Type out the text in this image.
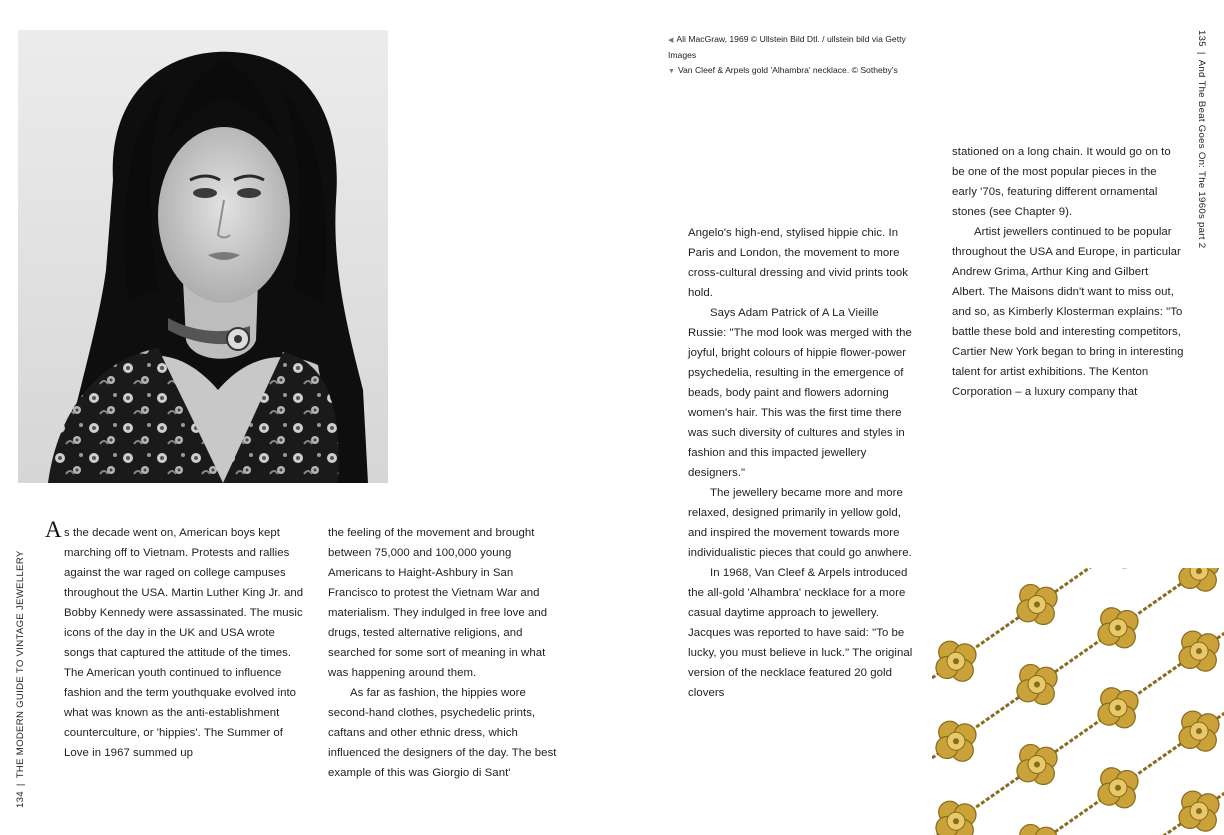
A s the decade went on, American boys kept marching off to Vietnam. Protests and rallies against the war raged on college campuses throughout the USA. Martin Luther King Jr. and Bobby Kennedy were assassinated. The music icons of the day in the UK and USA wrote songs that captured the attitude of the times. The American youth continued to influence fashion and the term youthquake evolved into what was known as the anti-establishment counterculture, or 'hippies'. The Summer of Love in 1967 summed up

the feeling of the movement and brought between 75,000 and 100,000 young Americans to Haight-Ashbury in San Francisco to protest the Vietnam War and materialism. They indulged in free love and drugs, tested alternative religions, and searched for some sort of meaning in what was happening around them.

As far as fashion, the hippies wore second-hand clothes, psychedelic prints, caftans and other ethnic dress, which influenced the designers of the day. The best example of this was Giorgio di Sant'

134|THE MODERN GUIDE TO VINTAGE JEWELLERY
◀ Ali MacGraw, 1969 © Ullstein Bild Dtl. / ullstein bild via Getty Images
▼ Van Cleef & Arpels gold 'Alhambra' necklace. © Sotheby's

Angelo's high-end, stylised hippie chic. In Paris and London, the movement to more cross-cultural dressing and vivid prints took hold.

Says Adam Patrick of A La Vieille Russie: "The mod look was merged with the joyful, bright colours of hippie flower-power psychedelia, resulting in the emergence of beads, body paint and flowers adorning women's hair. This was the first time there was such diversity of cultures and styles in fashion and this impacted jewellery designers."

The jewellery became more and more relaxed, designed primarily in yellow gold, and inspired the movement towards more individualistic pieces that could go anwhere.

In 1968, Van Cleef & Arpels introduced the all-gold 'Alhambra' necklace for a more casual daytime approach to jewellery. Jacques was reported to have said: "To be lucky, you must believe in luck." The original version of the necklace featured 20 gold clovers

stationed on a long chain. It would go on to be one of the most popular pieces in the early '70s, featuring different ornamental stones (see Chapter 9).

Artist jewellers continued to be popular throughout the USA and Europe, in particular Andrew Grima, Arthur King and Gilbert Albert. The Maisons didn't want to miss out, and so, as Kimberly Klosterman explains: "To battle these bold and interesting competitors, Cartier New York began to bring in interesting talent for artist exhibitions. The Kenton Corporation – a luxury company that

135|And The Beat Goes On: The 1960s part 2
